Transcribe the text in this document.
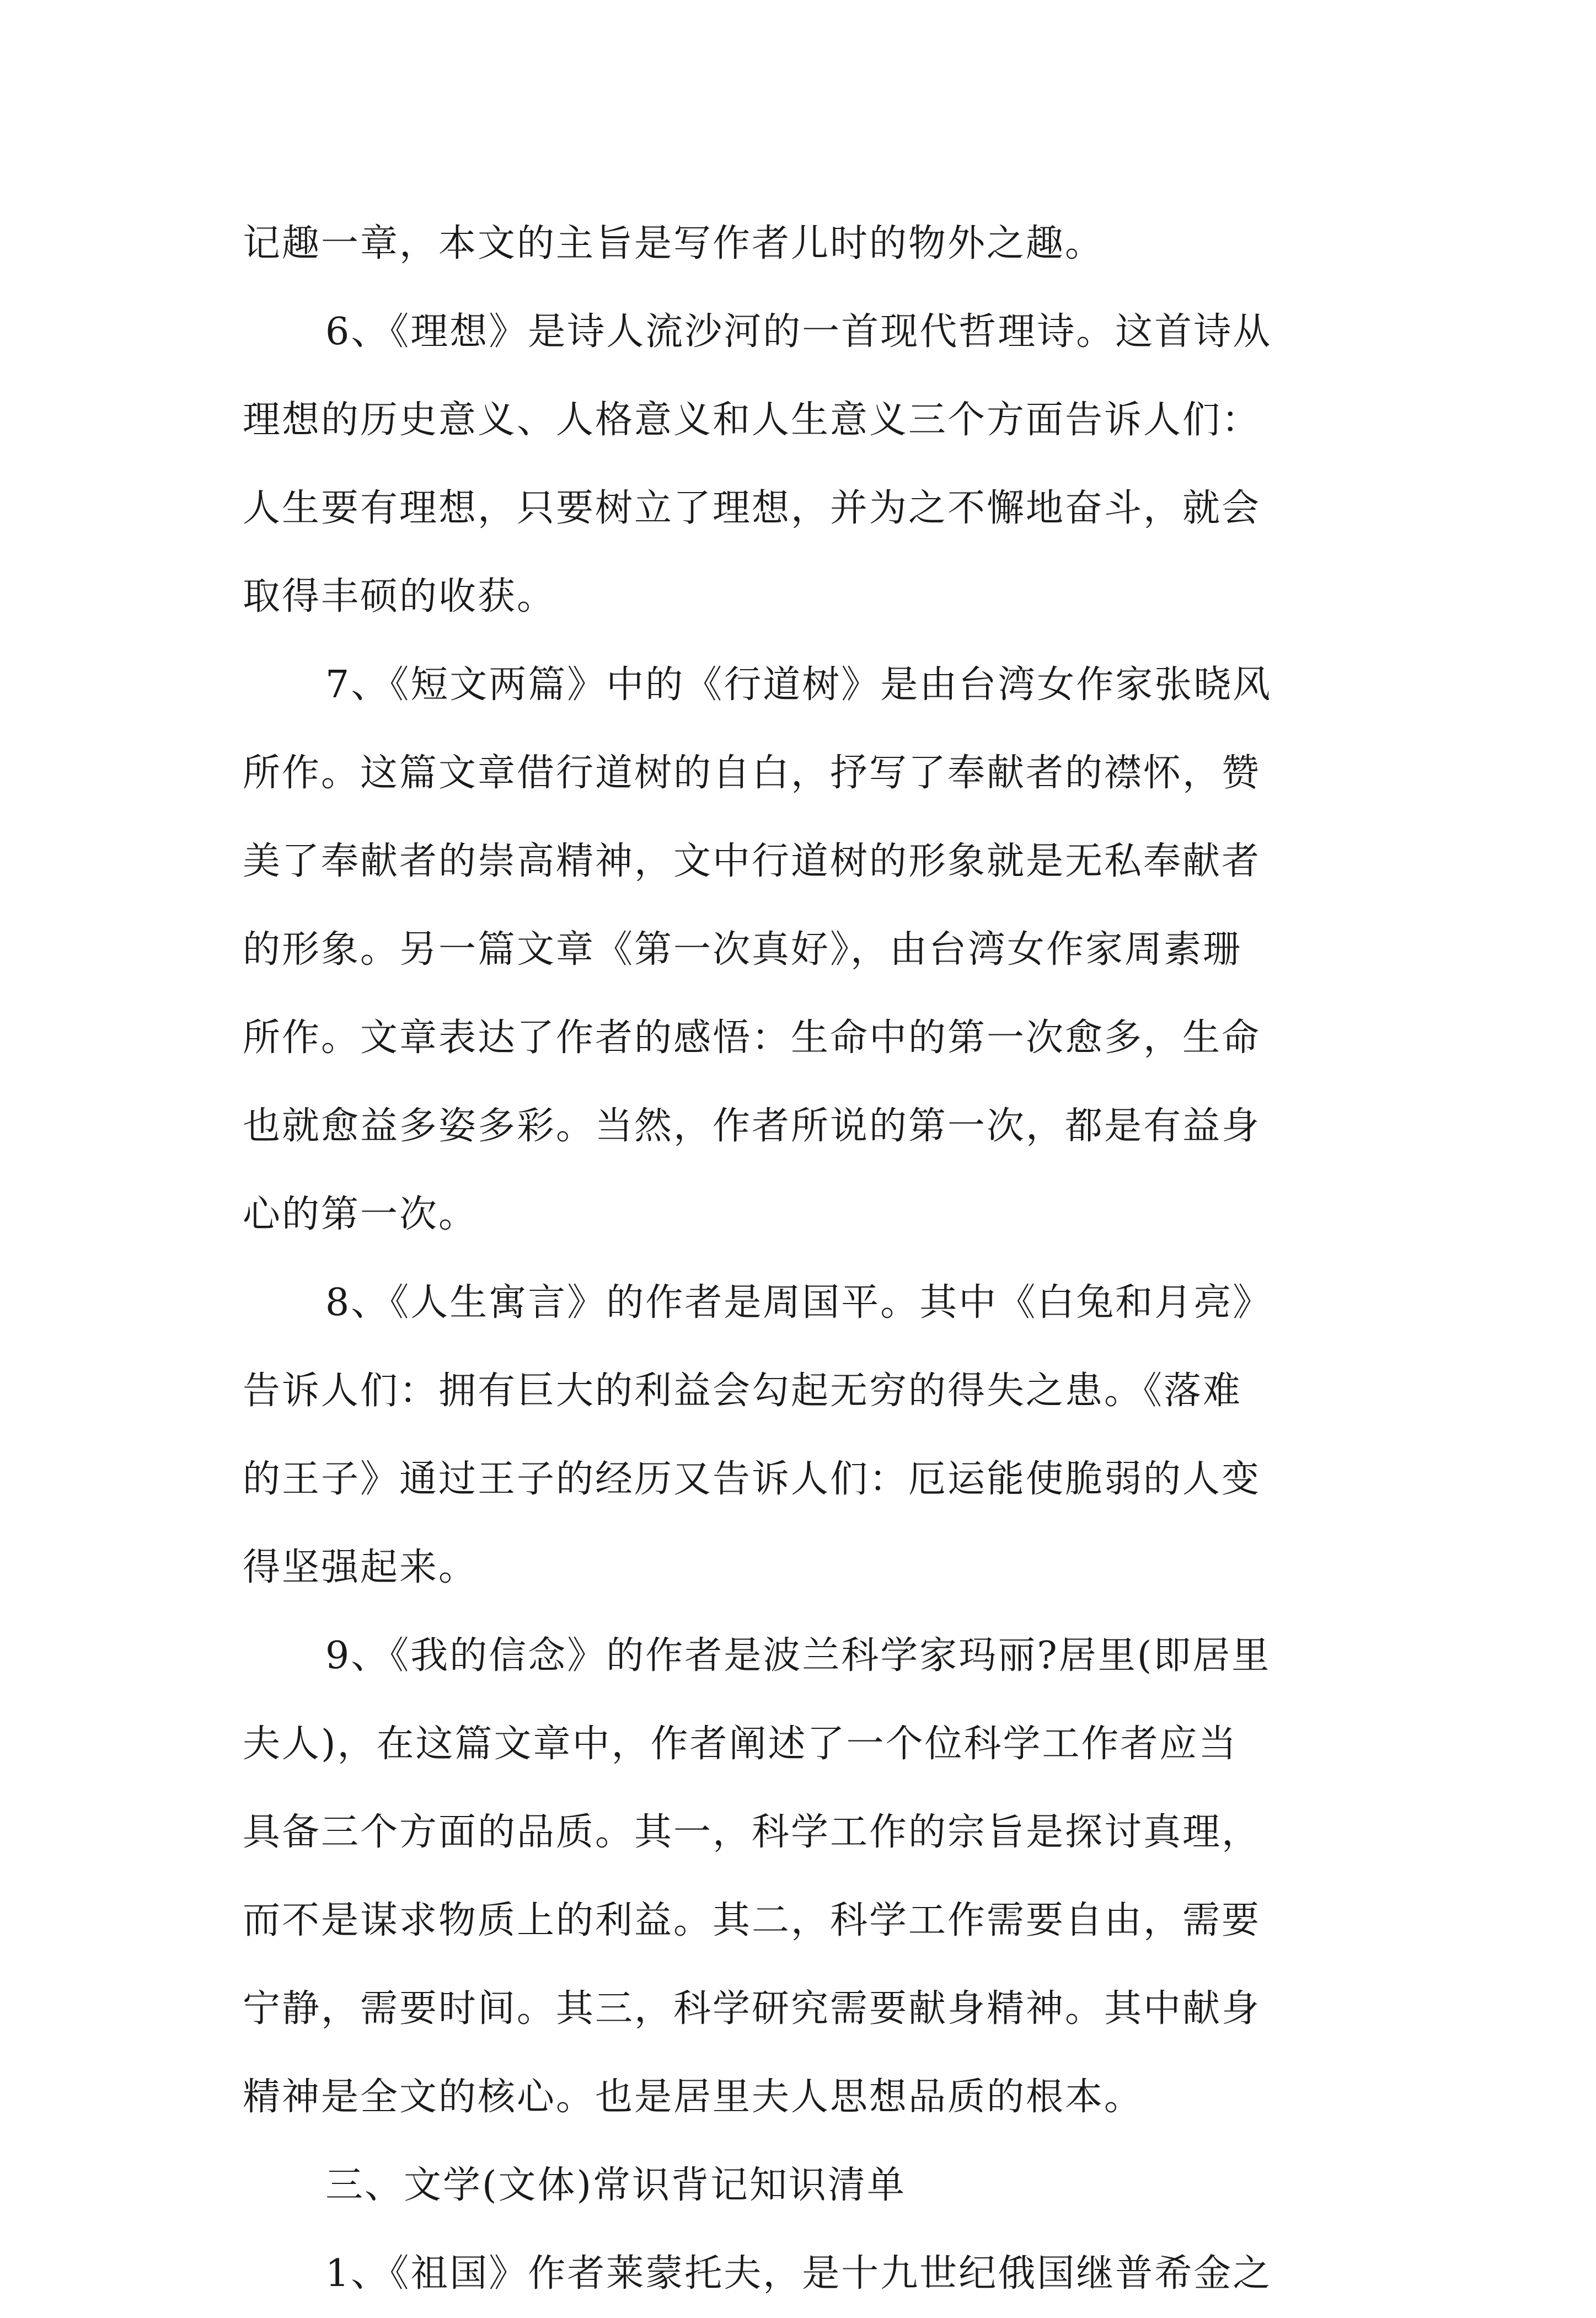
记趣一章，本文的主旨是写作者儿时的物外之趣。
6、《理想》是诗人流沙河的一首现代哲理诗。这首诗从
理想的历史意义、人格意义和人生意义三个方面告诉人们：
人生要有理想，只要树立了理想，并为之不懈地奋斗，就会
取得丰硕的收获。
7、《短文两篇》中的《行道树》是由台湾女作家张晓风
所作。这篇文章借行道树的自白，抒写了奉献者的襟怀，赞
美了奉献者的崇高精神，文中行道树的形象就是无私奉献者
的形象。另一篇文章《第一次真好》，由台湾女作家周素珊
所作。文章表达了作者的感悟：生命中的第一次愈多，生命
也就愈益多姿多彩。当然，作者所说的第一次，都是有益身
心的第一次。
8、《人生寓言》的作者是周国平。其中《白兔和月亮》
告诉人们：拥有巨大的利益会勾起无穷的得失之患。《落难
的王子》通过王子的经历又告诉人们：厄运能使脆弱的人变
得坚强起来。
9、《我的信念》的作者是波兰科学家玛丽?居里(即居里
夫人)，在这篇文章中，作者阐述了一个位科学工作者应当
具备三个方面的品质。其一，科学工作的宗旨是探讨真理，
而不是谋求物质上的利益。其二，科学工作需要自由，需要
宁静，需要时间。其三，科学研究需要献身精神。其中献身
精神是全文的核心。也是居里夫人思想品质的根本。
三、文学(文体)常识背记知识清单
1、《祖国》作者莱蒙托夫，是十九世纪俄国继普希金之
